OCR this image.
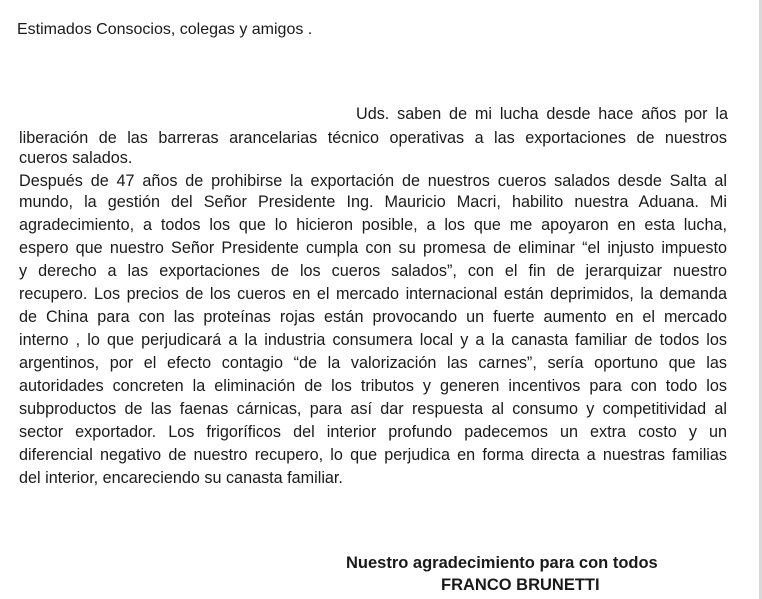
Estimados Consocios, colegas y amigos .
Uds. saben de mi lucha desde hace años por la
liberación de las barreras arancelarias técnico operativas a las exportaciones de nuestros
cueros salados.
Después de 47 años de prohibirse la exportación de nuestros cueros salados desde Salta al
mundo, la gestión del Señor Presidente Ing. Mauricio Macri, habilito nuestra Aduana. Mi
agradecimiento, a todos los que lo hicieron posible, a los que me apoyaron en esta lucha,
espero que nuestro Señor Presidente cumpla con su promesa de eliminar “el injusto impuesto
y derecho a las exportaciones de los cueros salados”, con el fin de jerarquizar nuestro
recupero. Los precios de los cueros en el mercado internacional están deprimidos, la demanda
de China para con las proteínas rojas están provocando un fuerte aumento en el mercado
interno , lo que perjudicará a la industria consumera local y a la canasta familiar de todos los
argentinos, por el efecto contagio “de la valorización las carnes”, sería oportuno que las
autoridades concreten la eliminación de los tributos y generen incentivos para con todo los
subproductos de las faenas cárnicas, para así dar respuesta al consumo y competitividad al
sector exportador. Los frigoríficos del interior profundo padecemos un extra costo y un
diferencial negativo de nuestro recupero, lo que perjudica en forma directa a nuestras familias
del interior, encareciendo su canasta familiar.
Nuestro agradecimiento para con todos
FRANCO BRUNETTI
